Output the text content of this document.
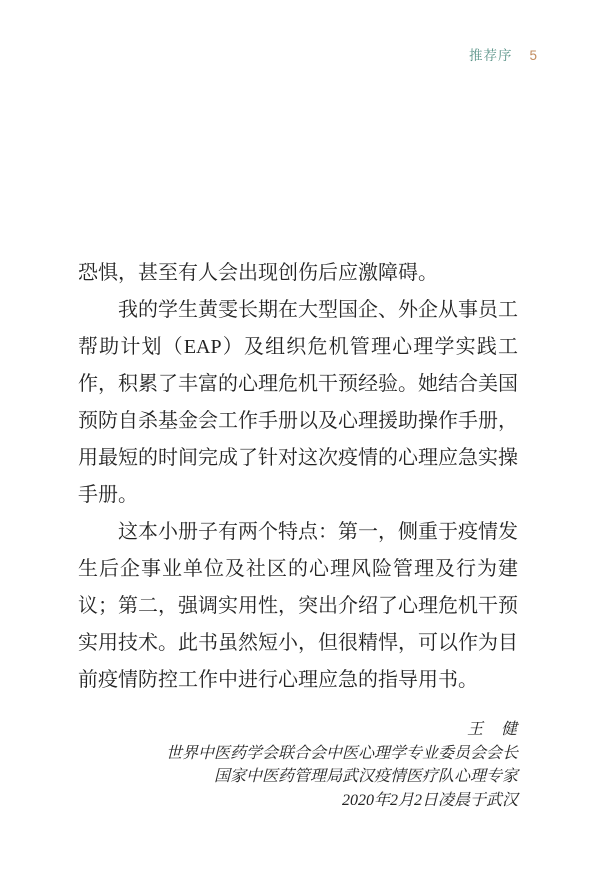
推荐序 5

恐惧，甚至有人会出现创伤后应激障碍。

我的学生黄雯长期在大型国企、外企从事员工帮助计划（EAP）及组织危机管理心理学实践工作，积累了丰富的心理危机干预经验。她结合美国预防自杀基金会工作手册以及心理援助操作手册，用最短的时间完成了针对这次疫情的心理应急实操手册。

这本小册子有两个特点：第一，侧重于疫情发生后企事业单位及社区的心理风险管理及行为建议；第二，强调实用性，突出介绍了心理危机干预实用技术。此书虽然短小，但很精悍，可以作为目前疫情防控工作中进行心理应急的指导用书。

王　健
世界中医药学会联合会中医心理学专业委员会会长
国家中医药管理局武汉疫情医疗队心理专家
2020年2月2日凌晨于武汉
